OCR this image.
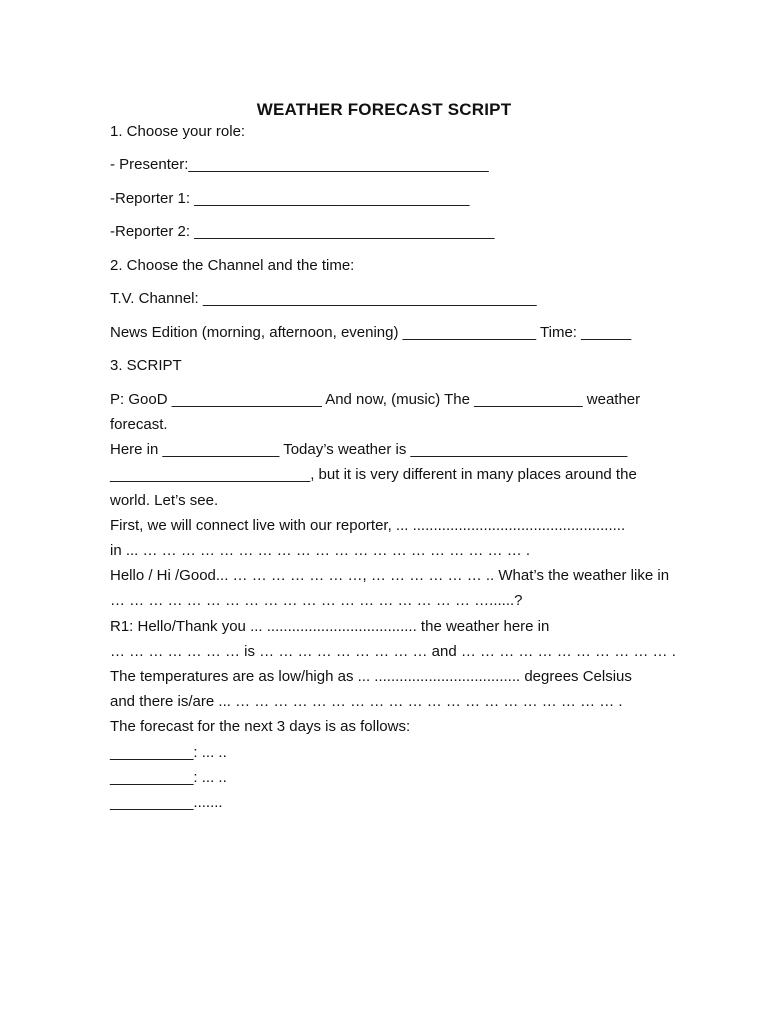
WEATHER FORECAST SCRIPT
1. Choose your role:
- Presenter:____________________________________
-Reporter 1: _________________________________
-Reporter 2: ____________________________________
2. Choose the Channel and the time:
T.V. Channel: ________________________________________
News Edition (morning, afternoon, evening) ________________ Time: ______
3. SCRIPT
P: GooD __________________ And now, (music) The _____________ weather
forecast.
Here in ______________ Today’s weather is __________________________
________________________, but it is very different in many places around the
world. Let’s see.
First, we will connect live with our reporter, ... ...................................................
in ... … … … … … … … … … … … … … … … … … … … … .
Hello / Hi /Good... … … … … … … …, … … … … … … .. What’s the weather like in
… … … … … … … … … … … … … … … … … … … …......?
R1: Hello/Thank you ... .................................... the weather here in
… … … … … … … is … … … … … … … … … and … … … … … … … … … … … .
The temperatures are as low/high as ... ................................... degrees Celsius
and there is/are ... … … … … … … … … … … … … … … … … … … … … .
The forecast for the next 3 days is as follows:
__________: ... ..
__________: ... ..
__________.......
